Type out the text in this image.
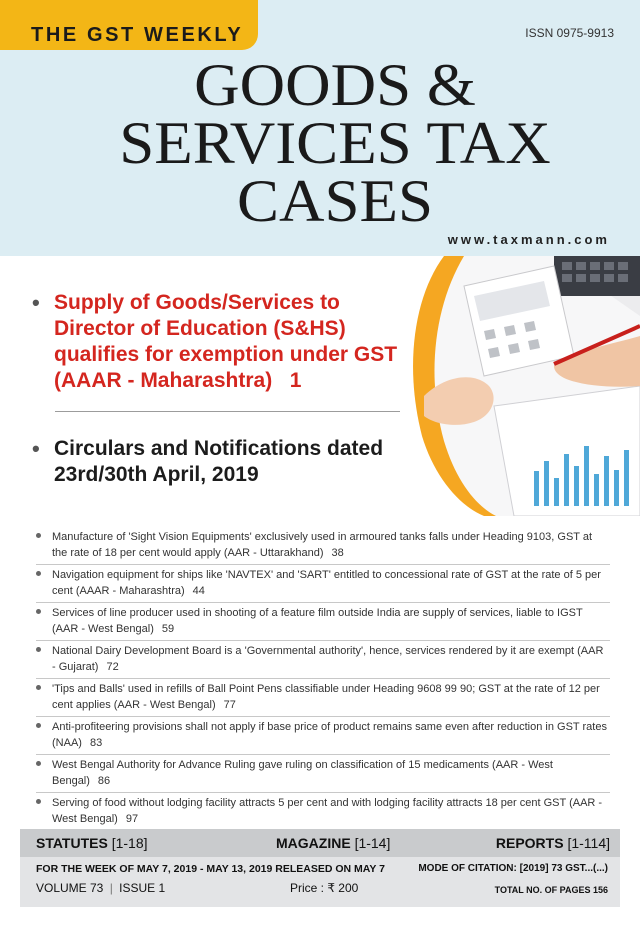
THE GST WEEKLY	ISSN 0975-9913
GOODS &
SERVICES TAX
CASES
www.taxmann.com
• Supply of Goods/Services to Director of Education (S&HS) qualifies for exemption under GST (AAAR - Maharashtra) 1
• Circulars and Notifications dated 23rd/30th April, 2019
Manufacture of 'Sight Vision Equipments' exclusively used in armoured tanks falls under Heading 9103, GST at the rate of 18 per cent would apply (AAR - Uttarakhand) 38
Navigation equipment for ships like 'NAVTEX' and 'SART' entitled to concessional rate of GST at the rate of 5 per cent (AAAR - Maharashtra) 44
Services of line producer used in shooting of a feature film outside India are supply of services, liable to IGST (AAR - West Bengal) 59
National Dairy Development Board is a 'Governmental authority', hence, services rendered by it are exempt (AAR - Gujarat) 72
'Tips and Balls' used in refills of Ball Point Pens classifiable under Heading 9608 99 90; GST at the rate of 12 per cent applies (AAR - West Bengal) 77
Anti-profiteering provisions shall not apply if base price of product remains same even after reduction in GST rates (NAA) 83
West Bengal Authority for Advance Ruling gave ruling on classification of 15 medicaments (AAR - West Bengal) 86
Serving of food without lodging facility attracts 5 per cent and with lodging facility attracts 18 per cent GST (AAR - West Bengal) 97
STATUTES [1-18]	MAGAZINE [1-14]	REPORTS [1-114]
FOR THE WEEK OF MAY 7, 2019 - MAY 13, 2019 RELEASED ON MAY 7	MODE OF CITATION: [2019] 73 GST...(...)
VOLUME 73 | ISSUE 1	Price : ₹ 200	TOTAL NO. OF PAGES 156
